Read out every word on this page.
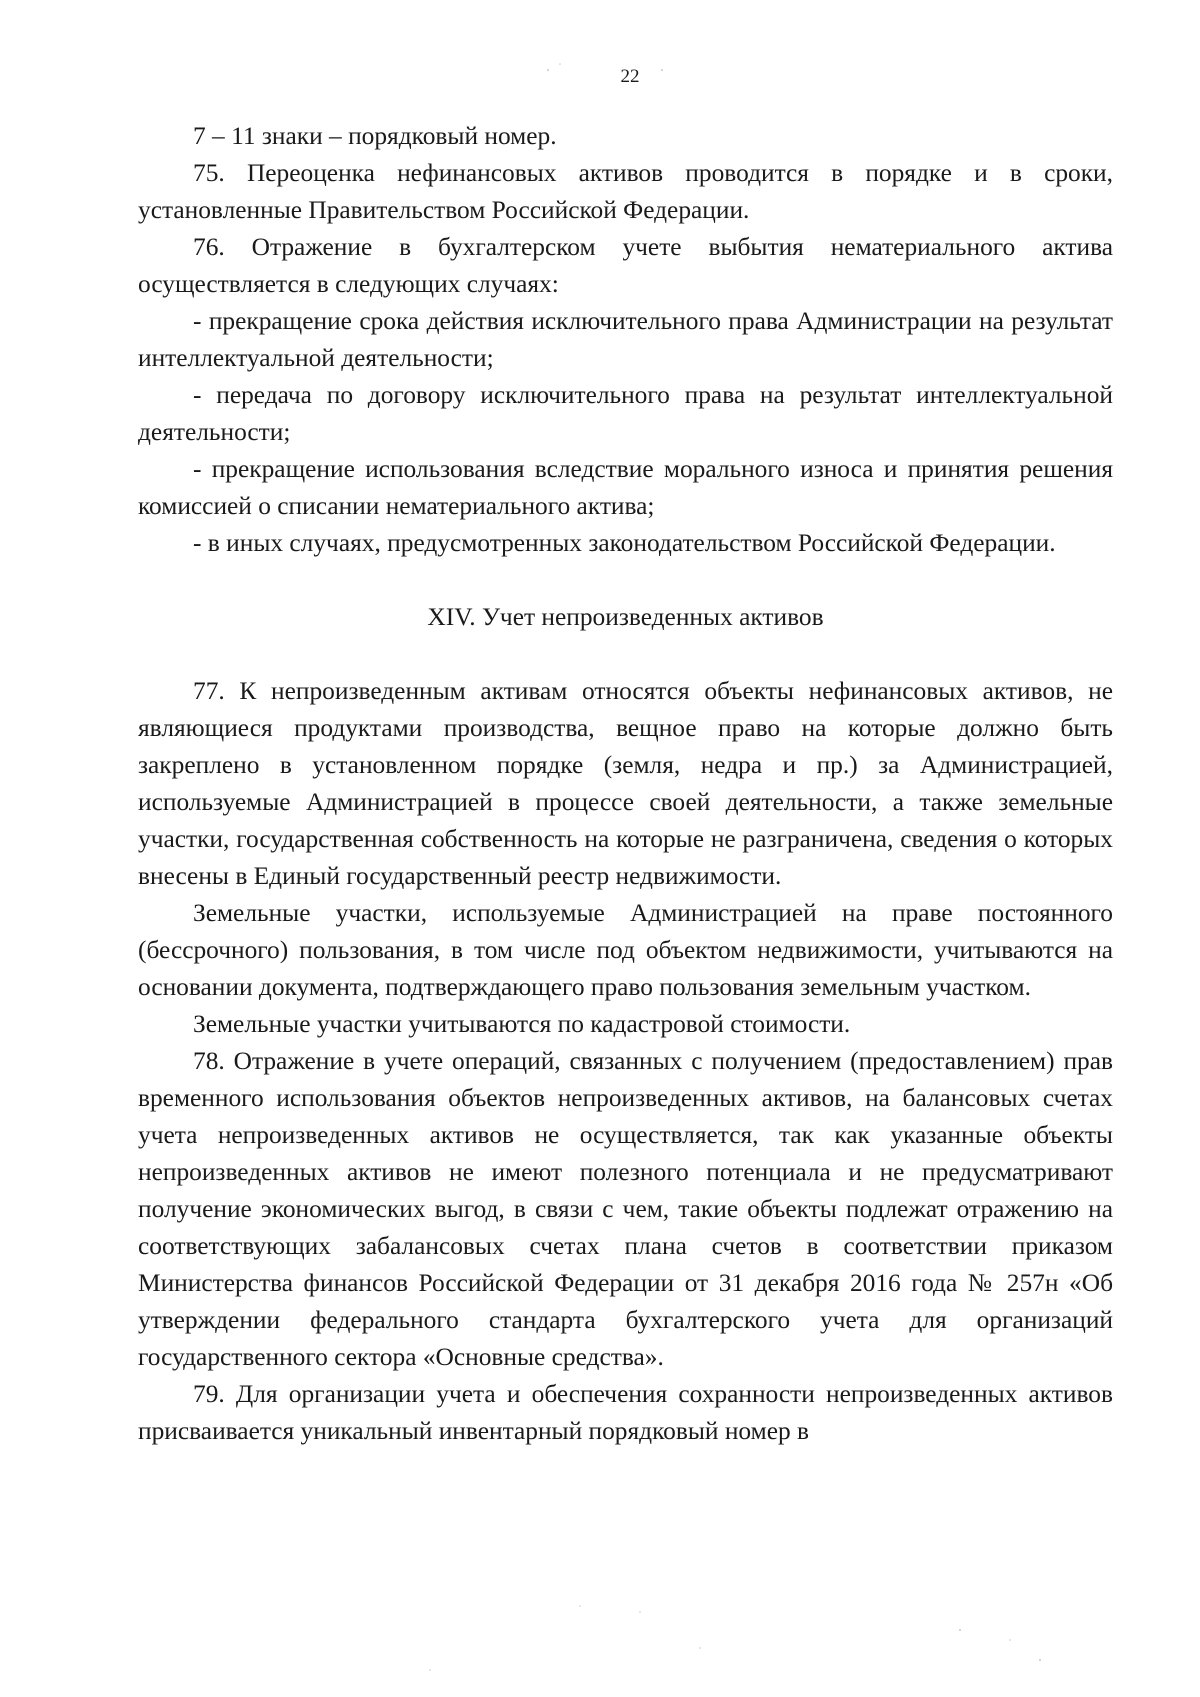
22

7 – 11 знаки – порядковый номер.

75. Переоценка нефинансовых активов проводится в порядке и в сроки, установленные Правительством Российской Федерации.

76. Отражение в бухгалтерском учете выбытия нематериального актива осуществляется в следующих случаях:

- прекращение срока действия исключительного права Администрации на результат интеллектуальной деятельности;

- передача по договору исключительного права на результат интеллектуальной деятельности;

- прекращение использования вследствие морального износа и принятия решения комиссией о списании нематериального актива;

- в иных случаях, предусмотренных законодательством Российской Федерации.

XIV. Учет непроизведенных активов

77. К непроизведенным активам относятся объекты нефинансовых активов, не являющиеся продуктами производства, вещное право на которые должно быть закреплено в установленном порядке (земля, недра и пр.) за Администрацией, используемые Администрацией в процессе своей деятельности, а также земельные участки, государственная собственность на которые не разграничена, сведения о которых внесены в Единый государственный реестр недвижимости.

Земельные участки, используемые Администрацией на праве постоянного (бессрочного) пользования, в том числе под объектом недвижимости, учитываются на основании документа, подтверждающего право пользования земельным участком.

Земельные участки учитываются по кадастровой стоимости.

78. Отражение в учете операций, связанных с получением (предоставлением) прав временного использования объектов непроизведенных активов, на балансовых счетах учета непроизведенных активов не осуществляется, так как указанные объекты непроизведенных активов не имеют полезного потенциала и не предусматривают получение экономических выгод, в связи с чем, такие объекты подлежат отражению на соответствующих забалансовых счетах плана счетов в соответствии приказом Министерства финансов Российской Федерации от 31 декабря 2016 года № 257н «Об утверждении федерального стандарта бухгалтерского учета для организаций государственного сектора «Основные средства».

79. Для организации учета и обеспечения сохранности непроизведенных активов присваивается уникальный инвентарный порядковый номер в
